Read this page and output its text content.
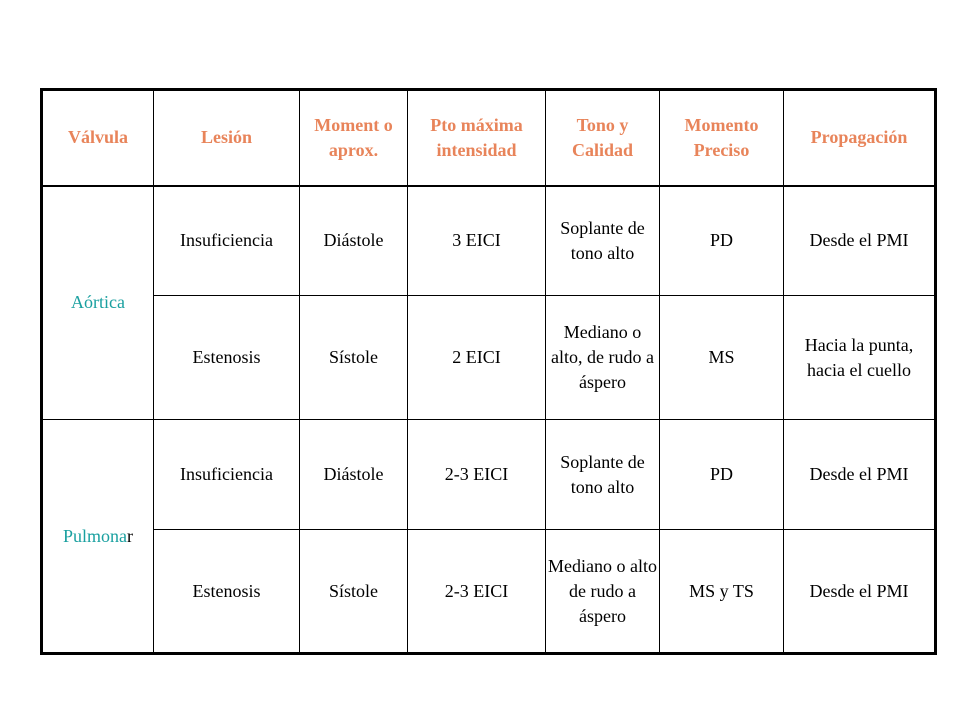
Válvula	Lesión	Moment o aprox.	Pto máxima intensidad	Tono y Calidad	Momento Preciso	Propagación
Aórtica	Insuficiencia	Diástole	3 EICI	Soplante de tono alto	PD	Desde el PMI
	Estenosis	Sístole	2 EICI	Mediano o alto, de rudo a áspero	MS	Hacia la punta, hacia el cuello
Pulmonar	Insuficiencia	Diástole	2-3 EICI	Soplante de tono alto	PD	Desde el PMI
	Estenosis	Sístole	2-3 EICI	Mediano o alto de rudo a áspero	MS y TS	Desde el PMI
